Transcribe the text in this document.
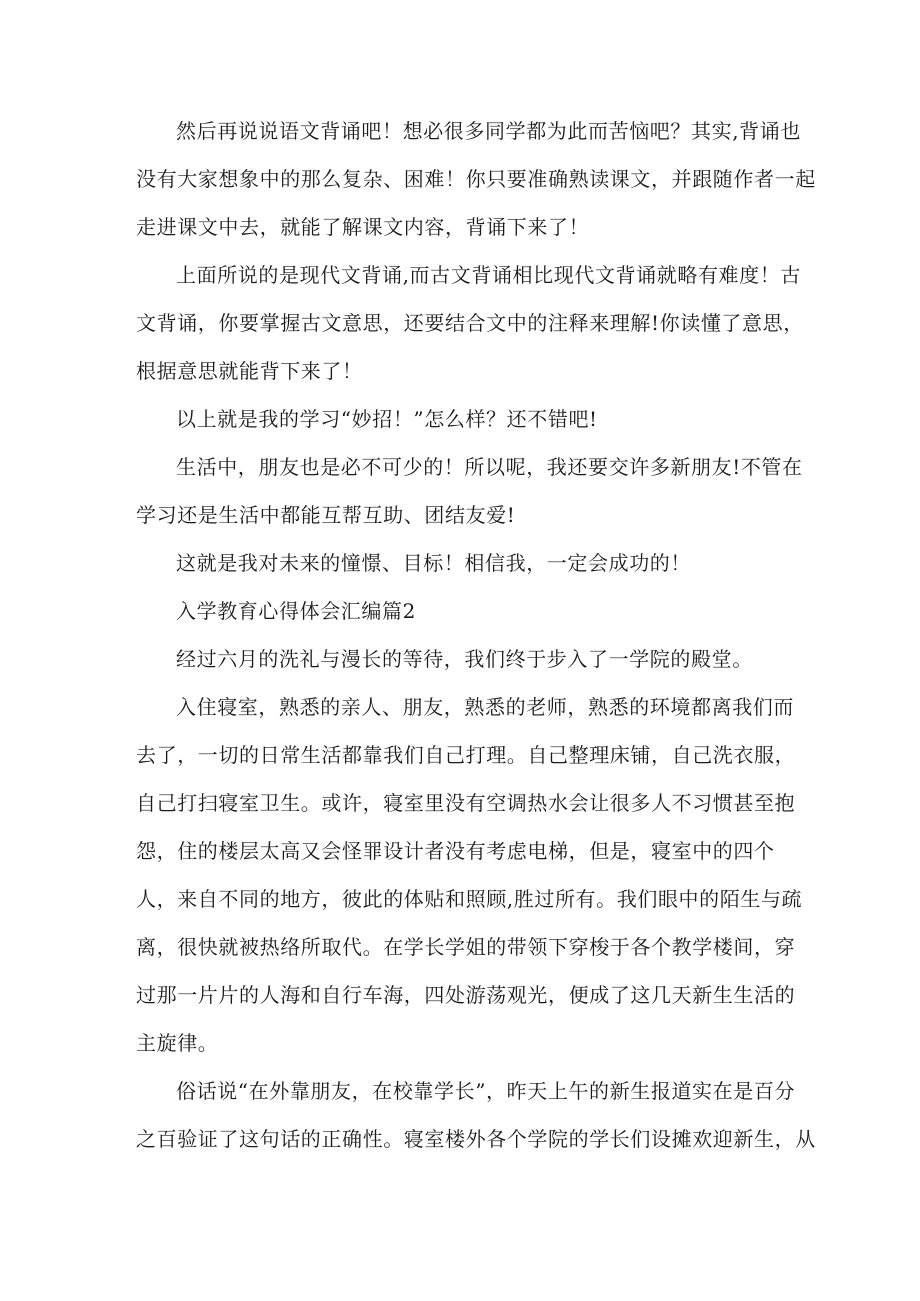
然后再说说语文背诵吧！想必很多同学都为此而苦恼吧？其实,背诵也
没有大家想象中的那么复杂、困难！你只要准确熟读课文，并跟随作者一起
走进课文中去，就能了解课文内容，背诵下来了！
上面所说的是现代文背诵,而古文背诵相比现代文背诵就略有难度！古
文背诵，你要掌握古文意思，还要结合文中的注释来理解!你读懂了意思，
根据意思就能背下来了！
以上就是我的学习“妙招！”怎么样？还不错吧!
生活中，朋友也是必不可少的！所以呢，我还要交许多新朋友!不管在
学习还是生活中都能互帮互助、团结友爱!
这就是我对未来的憧憬、目标！相信我，一定会成功的！
入学教育心得体会汇编篇2
经过六月的洗礼与漫长的等待，我们终于步入了一学院的殿堂。
入住寝室，熟悉的亲人、朋友，熟悉的老师，熟悉的环境都离我们而
去了，一切的日常生活都靠我们自己打理。自己整理床铺，自己洗衣服，
自己打扫寝室卫生。或许，寝室里没有空调热水会让很多人不习惯甚至抱
怨，住的楼层太高又会怪罪设计者没有考虑电梯，但是，寝室中的四个
人，来自不同的地方，彼此的体贴和照顾,胜过所有。我们眼中的陌生与疏
离，很快就被热络所取代。在学长学姐的带领下穿梭于各个教学楼间，穿
过那一片片的人海和自行车海，四处游荡观光，便成了这几天新生生活的
主旋律。
俗话说“在外靠朋友，在校靠学长”，昨天上午的新生报道实在是百分
之百验证了这句话的正确性。寝室楼外各个学院的学长们设摊欢迎新生，从
